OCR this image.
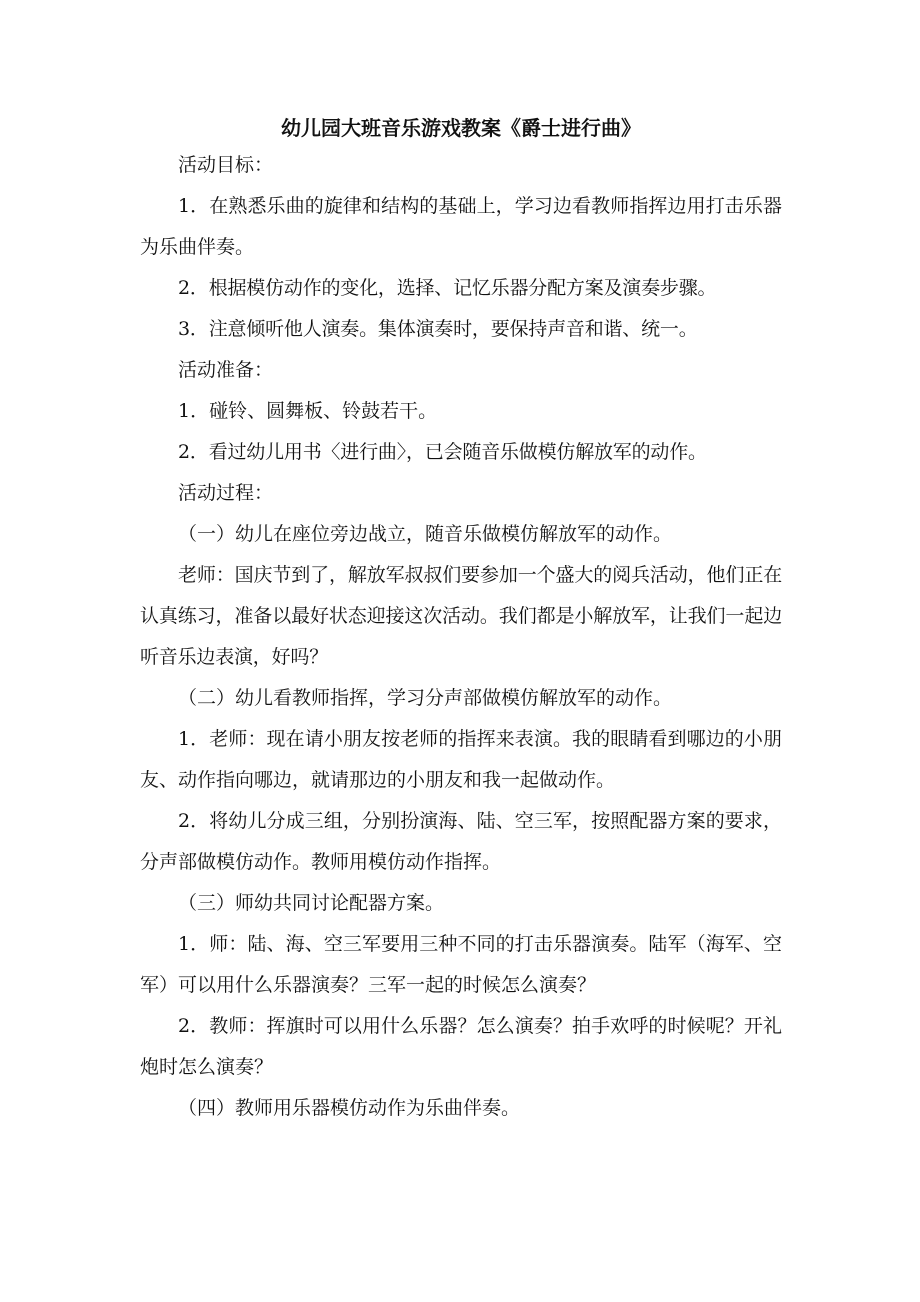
幼儿园大班音乐游戏教案《爵士进行曲》

活动目标：

1．在熟悉乐曲的旋律和结构的基础上，学习边看教师指挥边用打击乐器为乐曲伴奏。

2．根据模仿动作的变化，选择、记忆乐器分配方案及演奏步骤。

3．注意倾听他人演奏。集体演奏时，要保持声音和谐、统一。

活动准备：

1．碰铃、圆舞板、铃鼓若干。

2．看过幼儿用书〈进行曲〉，已会随音乐做模仿解放军的动作。

活动过程：

（一）幼儿在座位旁边战立，随音乐做模仿解放军的动作。

老师：国庆节到了，解放军叔叔们要参加一个盛大的阅兵活动，他们正在认真练习，准备以最好状态迎接这次活动。我们都是小解放军，让我们一起边听音乐边表演，好吗？

（二）幼儿看教师指挥，学习分声部做模仿解放军的动作。

1．老师：现在请小朋友按老师的指挥来表演。我的眼睛看到哪边的小朋友、动作指向哪边，就请那边的小朋友和我一起做动作。

2．将幼儿分成三组，分别扮演海、陆、空三军，按照配器方案的要求，分声部做模仿动作。教师用模仿动作指挥。

（三）师幼共同讨论配器方案。

1．师：陆、海、空三军要用三种不同的打击乐器演奏。陆军（海军、空军）可以用什么乐器演奏？三军一起的时候怎么演奏？

2．教师：挥旗时可以用什么乐器？怎么演奏？拍手欢呼的时候呢？开礼炮时怎么演奏？

（四）教师用乐器模仿动作为乐曲伴奏。
